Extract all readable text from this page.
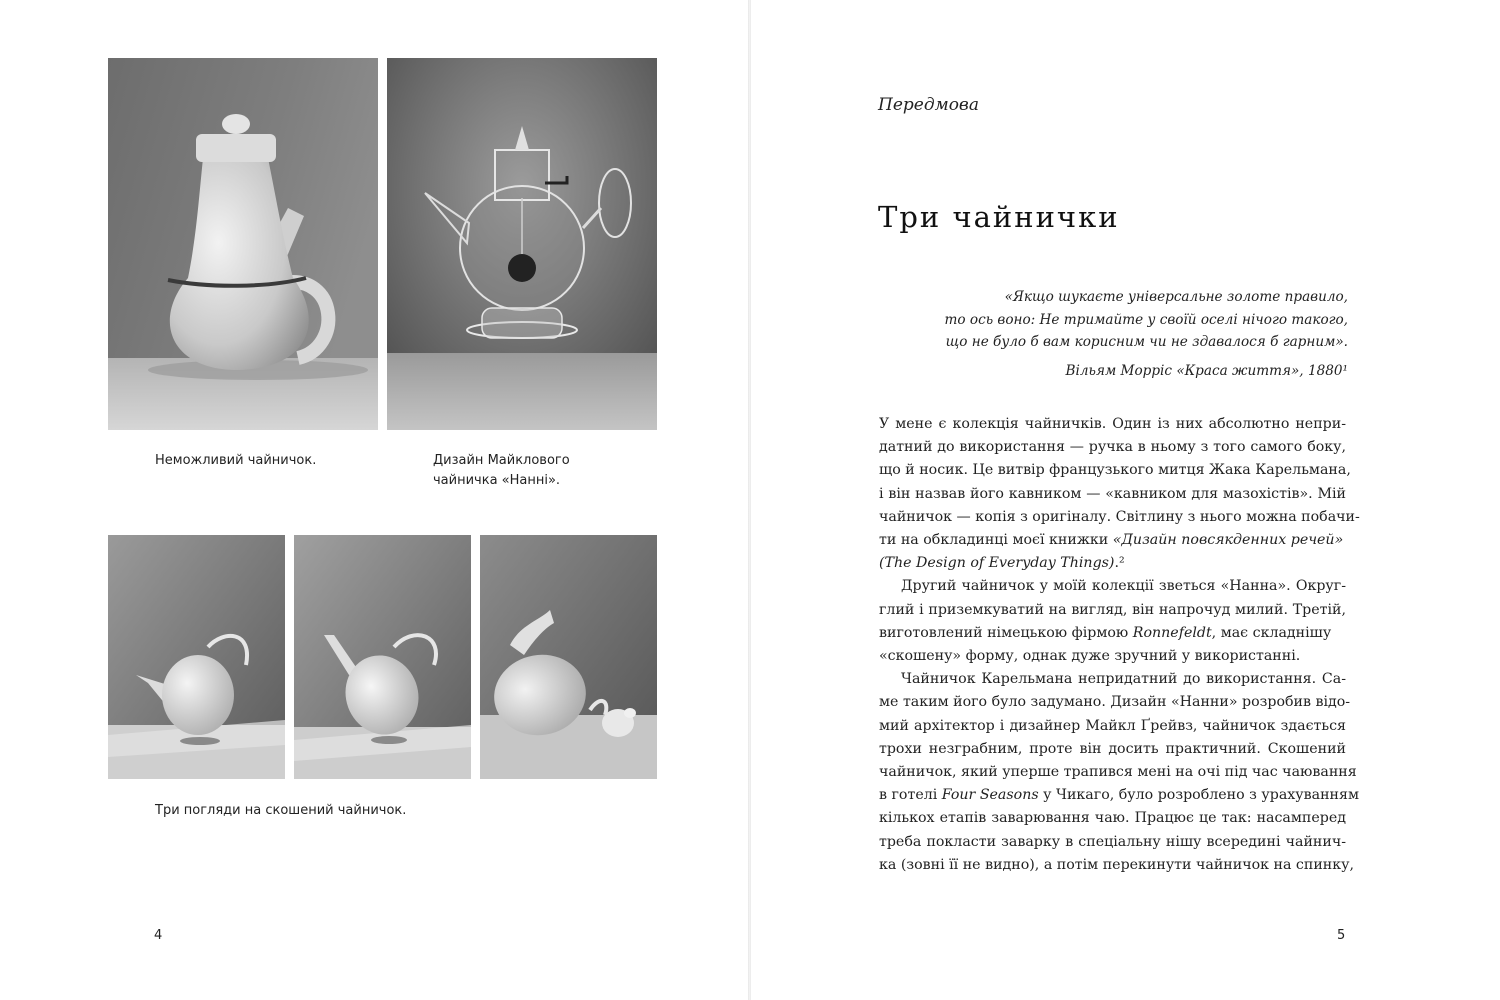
Неможливий чайничок.	Дизайн Майклового
чайничка «Нанні».
Три погляди на скошений чайничок.
4
Передмова
Три чайнички
«Якщо шукаєте універсальне золоте правило,
то ось воно: Не тримайте у своїй оселі нічого такого,
що не було б вам корисним чи не здавалося б гарним».
Вільям Морріс «Краса життя», 1880¹
У мене є колекція чайничків. Один із них абсолютно непри-
датний до використання — ручка в ньому з того самого боку,
що й носик. Це витвір французького митця Жака Карельмана,
і він назвав його кавником — «кавником для мазохістів». Мій
чайничок — копія з оригіналу. Світлину з нього можна побачи-
ти на обкладинці моєї книжки «Дизайн повсякденних речей»
(The Design of Everyday Things).²
Другий чайничок у моїй колекції зветься «Нанна». Округ-
глий і приземкуватий на вигляд, він напрочуд милий. Третій,
виготовлений німецькою фірмою Ronnefeldt, має складнішу
«скошену» форму, однак дуже зручний у використанні.
Чайничок Карельмана непридатний до використання. Са-
ме таким його було задумано. Дизайн «Нанни» розробив відо-
мий архітектор і дизайнер Майкл Ґрейвз, чайничок здається
трохи незграбним, проте він досить практичний. Скошений
чайничок, який уперше трапився мені на очі під час чаювання
в готелі Four Seasons у Чикаго, було розроблено з урахуванням
кількох етапів заварювання чаю. Працює це так: насамперед
треба покласти заварку в спеціальну нішу всередині чайнич-
ка (зовні її не видно), а потім перекинути чайничок на спинку,
5
